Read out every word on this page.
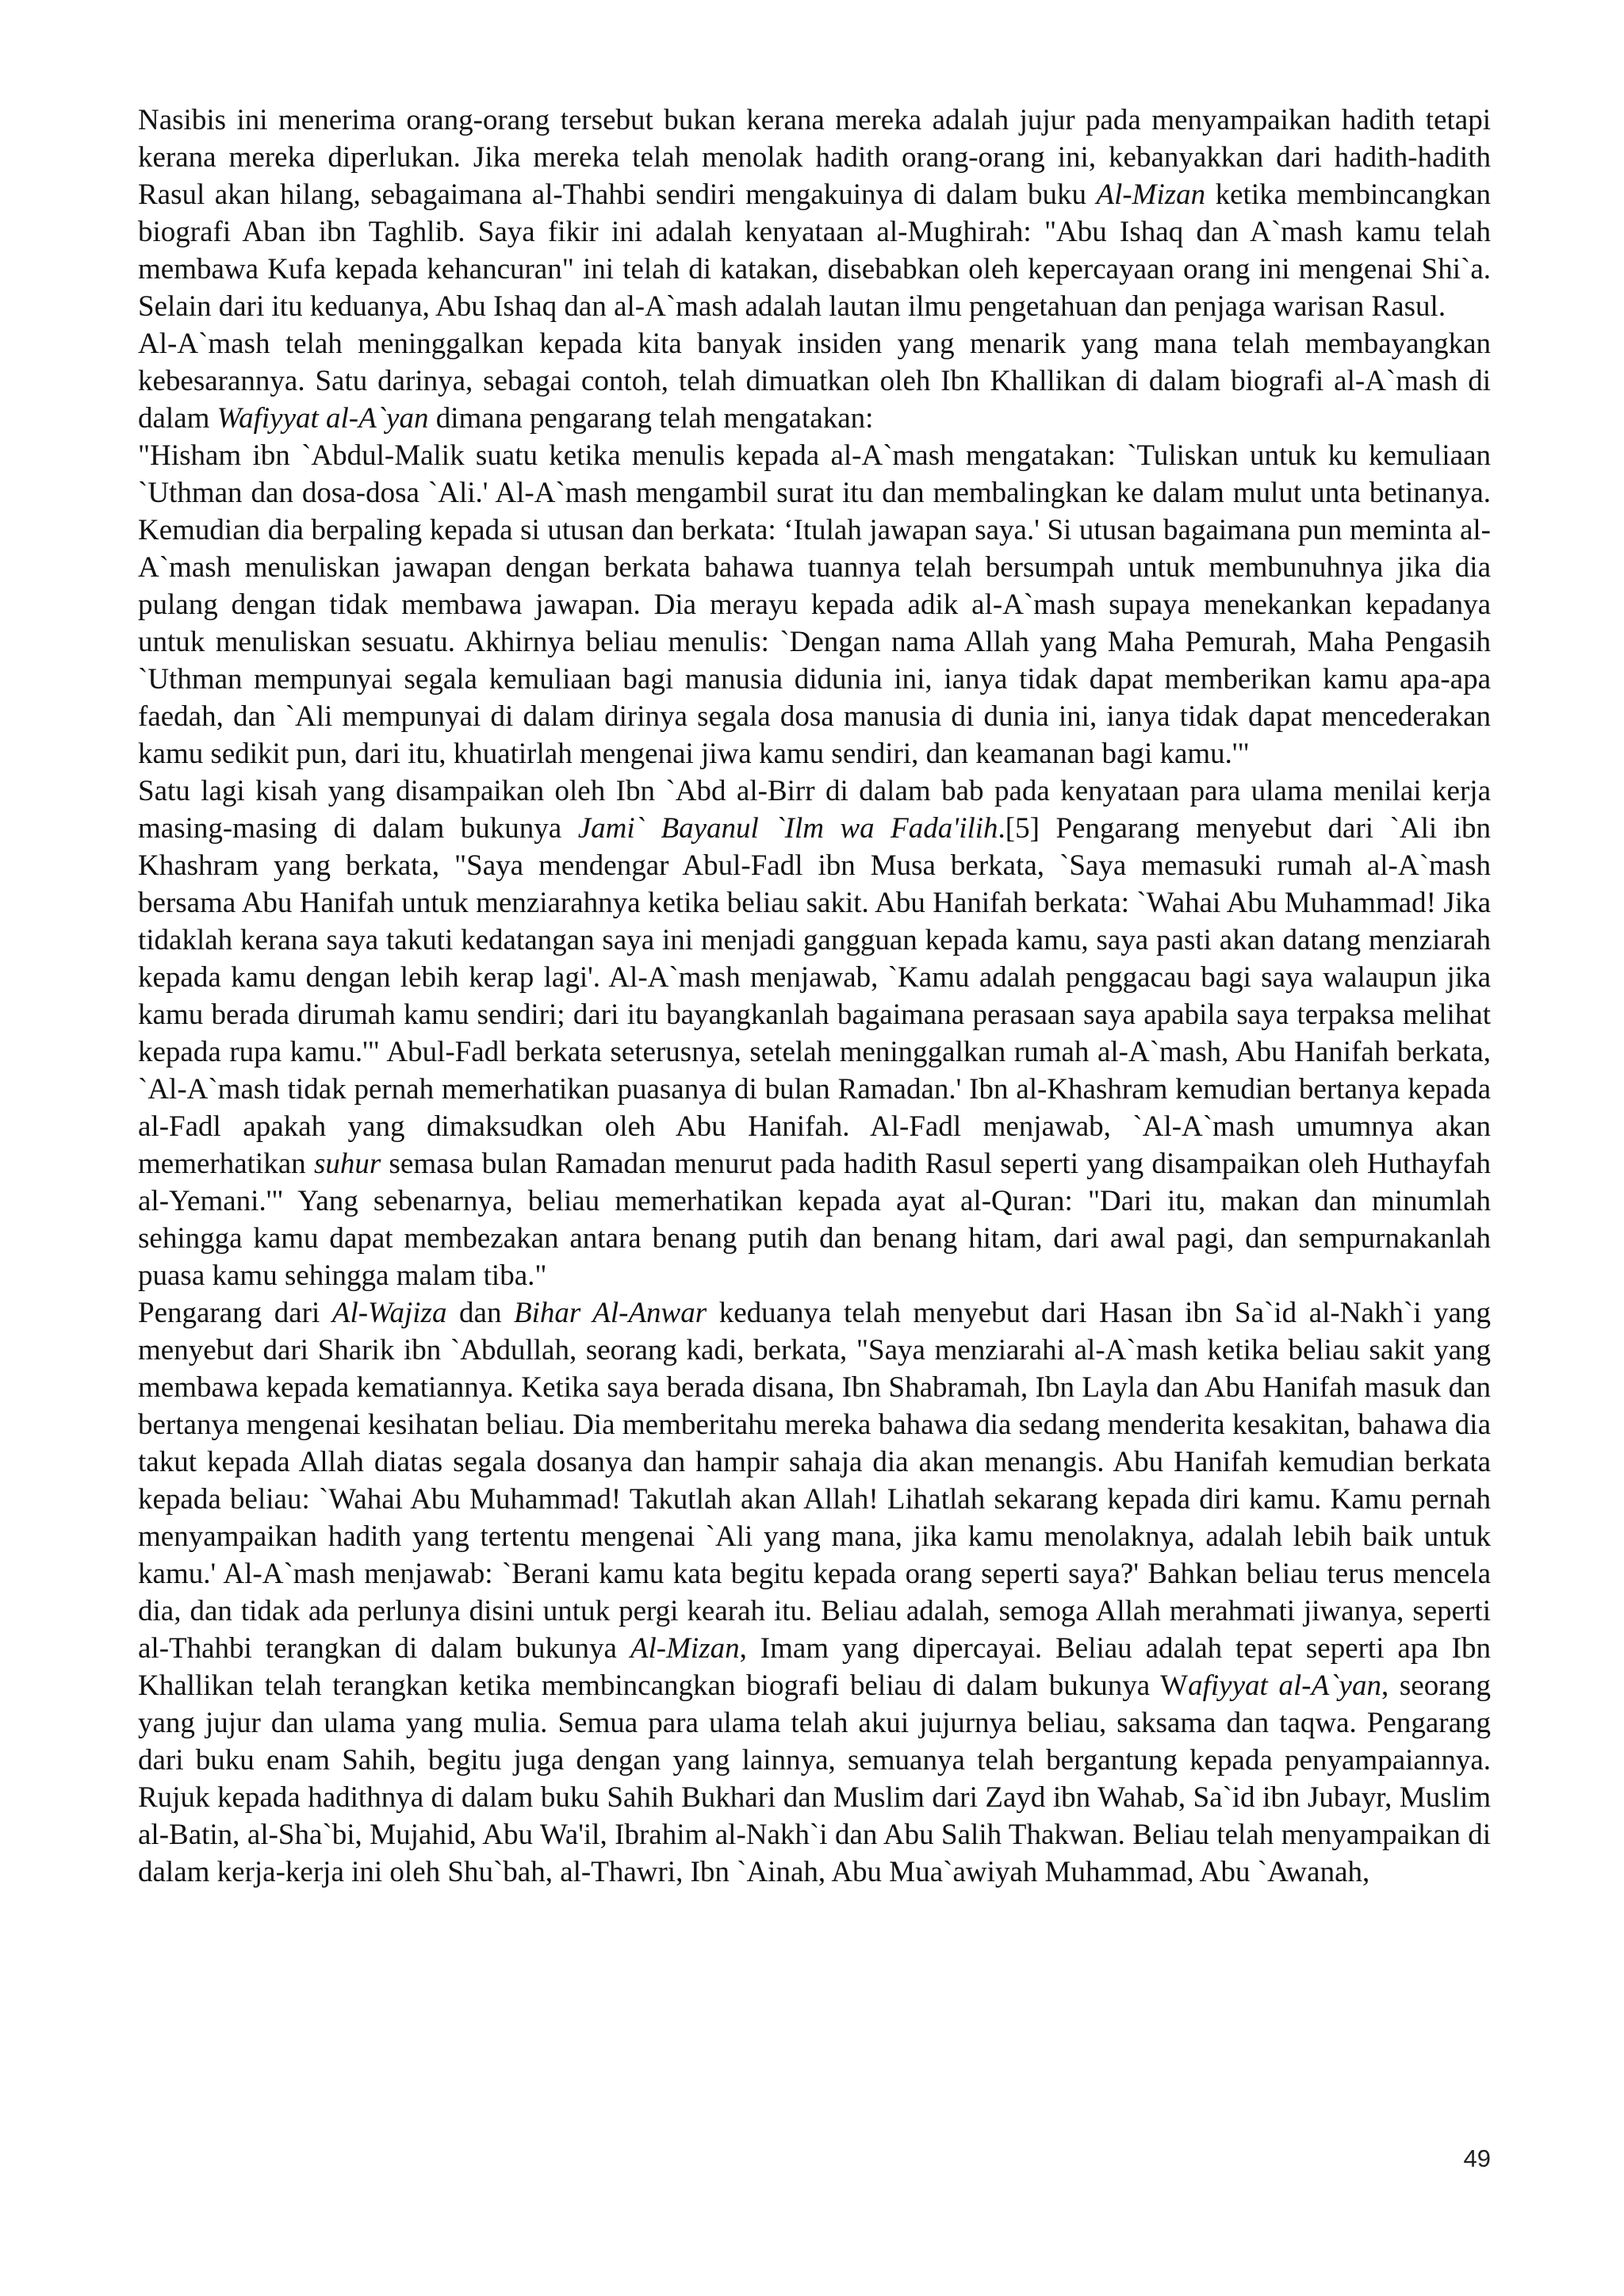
Nasibis ini menerima orang-orang tersebut bukan kerana mereka adalah jujur pada menyampaikan hadith tetapi kerana mereka diperlukan. Jika mereka telah menolak hadith orang-orang ini, kebanyakkan dari hadith-hadith Rasul akan hilang, sebagaimana al-Thahbi sendiri mengakuinya di dalam buku Al-Mizan ketika membincangkan biografi Aban ibn Taghlib. Saya fikir ini adalah kenyataan al-Mughirah: "Abu Ishaq dan A`mash kamu telah membawa Kufa kepada kehancuran" ini telah di katakan, disebabkan oleh kepercayaan orang ini mengenai Shi`a. Selain dari itu keduanya, Abu Ishaq dan al-A`mash adalah lautan ilmu pengetahuan dan penjaga warisan Rasul.

Al-A`mash telah meninggalkan kepada kita banyak insiden yang menarik yang mana telah membayangkan kebesarannya. Satu darinya, sebagai contoh, telah dimuatkan oleh Ibn Khallikan di dalam biografi al-A`mash di dalam Wafiyyat al-A`yan dimana pengarang telah mengatakan:

"Hisham ibn `Abdul-Malik suatu ketika menulis kepada al-A`mash mengatakan: `Tuliskan untuk ku kemuliaan `Uthman dan dosa-dosa `Ali.' Al-A`mash mengambil surat itu dan membalingkan ke dalam mulut unta betinanya. Kemudian dia berpaling kepada si utusan dan berkata: ‘Itulah jawapan saya.' Si utusan bagaimana pun meminta al-A`mash menuliskan jawapan dengan berkata bahawa tuannya telah bersumpah untuk membunuhnya jika dia pulang dengan tidak membawa jawapan. Dia merayu kepada adik al-A`mash supaya menekankan kepadanya untuk menuliskan sesuatu. Akhirnya beliau menulis: `Dengan nama Allah yang Maha Pemurah, Maha Pengasih `Uthman mempunyai segala kemuliaan bagi manusia didunia ini, ianya tidak dapat memberikan kamu apa-apa faedah, dan `Ali mempunyai di dalam dirinya segala dosa manusia di dunia ini, ianya tidak dapat mencederakan kamu sedikit pun, dari itu, khuatirlah mengenai jiwa kamu sendiri, dan keamanan bagi kamu.'"

Satu lagi kisah yang disampaikan oleh Ibn `Abd al-Birr di dalam bab pada kenyataan para ulama menilai kerja masing-masing di dalam bukunya Jami` Bayanul `Ilm wa Fada'ilih.[5] Pengarang menyebut dari `Ali ibn Khashram yang berkata, "Saya mendengar Abul-Fadl ibn Musa berkata, `Saya memasuki rumah al-A`mash bersama Abu Hanifah untuk menziarahnya ketika beliau sakit. Abu Hanifah berkata: `Wahai Abu Muhammad! Jika tidaklah kerana saya takuti kedatangan saya ini menjadi gangguan kepada kamu, saya pasti akan datang menziarah kepada kamu dengan lebih kerap lagi'. Al-A`mash menjawab, `Kamu adalah penggacau bagi saya walaupun jika kamu berada dirumah kamu sendiri; dari itu bayangkanlah bagaimana perasaan saya apabila saya terpaksa melihat kepada rupa kamu.'" Abul-Fadl berkata seterusnya, setelah meninggalkan rumah al-A`mash, Abu Hanifah berkata, `Al-A`mash tidak pernah memerhatikan puasanya di bulan Ramadan.' Ibn al-Khashram kemudian bertanya kepada al-Fadl apakah yang dimaksudkan oleh Abu Hanifah. Al-Fadl menjawab, `Al-A`mash umumnya akan memerhatikan suhur semasa bulan Ramadan menurut pada hadith Rasul seperti yang disampaikan oleh Huthayfah al-Yemani.'" Yang sebenarnya, beliau memerhatikan kepada ayat al-Quran: "Dari itu, makan dan minumlah sehingga kamu dapat membezakan antara benang putih dan benang hitam, dari awal pagi, dan sempurnakanlah puasa kamu sehingga malam tiba."

Pengarang dari Al-Wajiza dan Bihar Al-Anwar keduanya telah menyebut dari Hasan ibn Sa`id al-Nakh`i yang menyebut dari Sharik ibn `Abdullah, seorang kadi, berkata, "Saya menziarahi al-A`mash ketika beliau sakit yang membawa kepada kematiannya. Ketika saya berada disana, Ibn Shabramah, Ibn Layla dan Abu Hanifah masuk dan bertanya mengenai kesihatan beliau. Dia memberitahu mereka bahawa dia sedang menderita kesakitan, bahawa dia takut kepada Allah diatas segala dosanya dan hampir sahaja dia akan menangis. Abu Hanifah kemudian berkata kepada beliau: `Wahai Abu Muhammad! Takutlah akan Allah! Lihatlah sekarang kepada diri kamu. Kamu pernah menyampaikan hadith yang tertentu mengenai `Ali yang mana, jika kamu menolaknya, adalah lebih baik untuk kamu.' Al-A`mash menjawab: `Berani kamu kata begitu kepada orang seperti saya?' Bahkan beliau terus mencela dia, dan tidak ada perlunya disini untuk pergi kearah itu. Beliau adalah, semoga Allah merahmati jiwanya, seperti al-Thahbi terangkan di dalam bukunya Al-Mizan, Imam yang dipercayai. Beliau adalah tepat seperti apa Ibn Khallikan telah terangkan ketika membincangkan biografi beliau di dalam bukunya Wafiyyat al-A`yan, seorang yang jujur dan ulama yang mulia. Semua para ulama telah akui jujurnya beliau, saksama dan taqwa. Pengarang dari buku enam Sahih, begitu juga dengan yang lainnya, semuanya telah bergantung kepada penyampaiannya. Rujuk kepada hadithnya di dalam buku Sahih Bukhari dan Muslim dari Zayd ibn Wahab, Sa`id ibn Jubayr, Muslim al-Batin, al-Sha`bi, Mujahid, Abu Wa'il, Ibrahim al-Nakh`i dan Abu Salih Thakwan. Beliau telah menyampaikan di dalam kerja-kerja ini oleh Shu`bah, al-Thawri, Ibn `Ainah, Abu Mua`awiyah Muhammad, Abu `Awanah,

49
